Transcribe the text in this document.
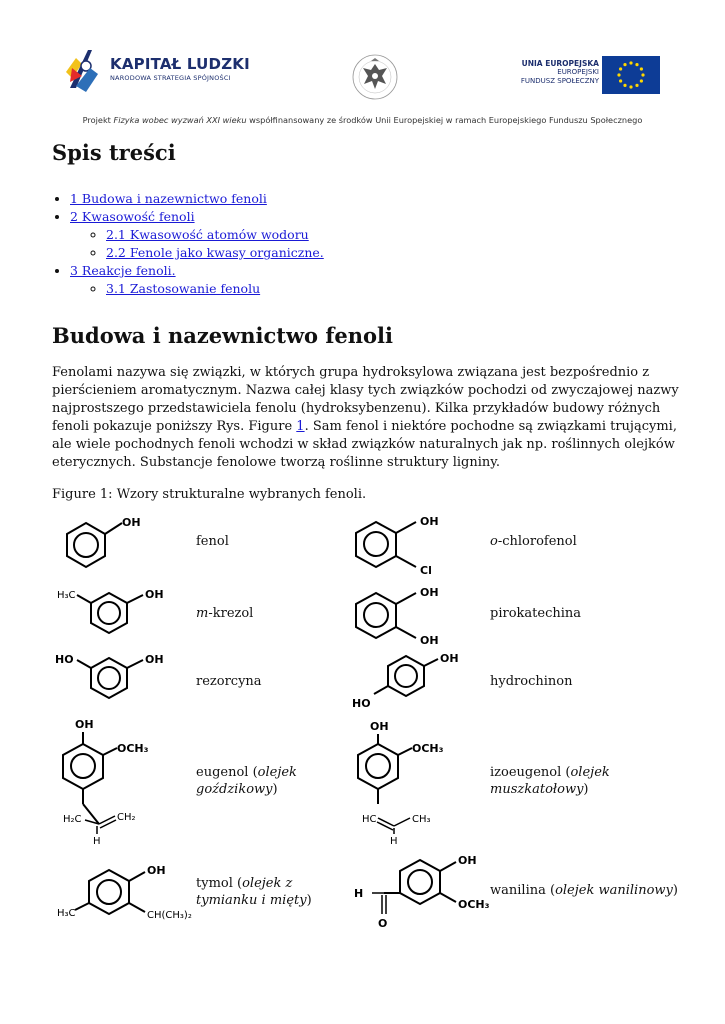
KAPITAŁ LUDZKI
NARODOWA STRATEGIA SPÓJNOŚCI
UNIA EUROPEJSKA
EUROPEJSKI
FUNDUSZ SPOŁECZNY
Projekt Fizyka wobec wyzwań XXI wieku współfinansowany ze środków Unii Europejskiej w ramach Europejskiego Funduszu Społecznego
Spis treści
• 1 Budowa i nazewnictwo fenoli
• 2 Kwasowość fenoli
◦ 2.1 Kwasowość atomów wodoru
◦ 2.2 Fenole jako kwasy organiczne.
• 3 Reakcje fenoli.
◦ 3.1 Zastosowanie fenolu
Budowa i nazewnictwo fenoli

Fenolami nazywa się związki, w których grupa hydroksylowa związana jest bezpośrednio z pierścieniem aromatycznym. Nazwa całej klasy tych związków pochodzi od zwyczajowej nazwy najprostszego przedstawiciela fenolu (hydroksybenzenu). Kilka przykładów budowy różnych fenoli pokazuje poniższy Rys. Figure 1. Sam fenol i niektóre pochodne są związkami trującymi, ale wiele pochodnych fenoli wchodzi w skład związków naturalnych jak np. roślinnych olejków eterycznych. Substancje fenolowe tworzą roślinne struktury ligniny.

Figure 1: Wzory strukturalne wybranych fenoli.
OH
fenol
OH
Cl
o-chlorofenol
H₃C	OH
m-krezol
OH
OH
pirokatechina
HO	OH
rezorcyna
OH
HO
hydrochinon
OH
OCH₃
H₂C	CH₂
H
eugenol (olejek goździkowy)
OH
OCH₃
HC	CH₃
H
izoeugenol (olejek muszkatołowy)
OH
CH(CH₃)₂
H₃C
tymol (olejek z tymianku i mięty)
OH
OCH₃
H
O
wanilina (olejek wanilinowy)
